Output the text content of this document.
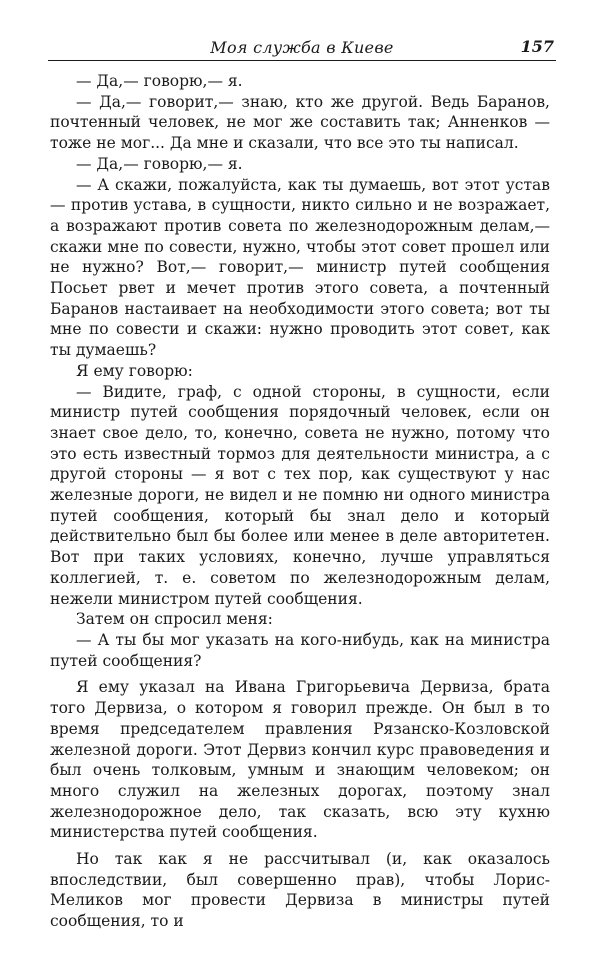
Моя служба в Киеве	157

— Да,— говорю,— я.

— Да,— говорит,— знаю, кто же другой. Ведь Баранов, почтенный человек, не мог же составить так; Анненков — тоже не мог... Да мне и сказали, что все это ты написал.

— Да,— говорю,— я.

— А скажи, пожалуйста, как ты думаешь, вот этот устав — против устава, в сущности, никто сильно и не возражает, а возражают против совета по железнодорожным делам,— скажи мне по совести, нужно, чтобы этот совет прошел или не нужно? Вот,— говорит,— министр путей сообщения Посьет рвет и мечет против этого совета, а почтенный Баранов настаивает на необходимости этого совета; вот ты мне по совести и скажи: нужно проводить этот совет, как ты думаешь?

Я ему говорю:

— Видите, граф, с одной стороны, в сущности, если министр путей сообщения порядочный человек, если он знает свое дело, то, конечно, совета не нужно, потому что это есть известный тормоз для деятельности министра, а с другой стороны — я вот с тех пор, как существуют у нас железные дороги, не видел и не помню ни одного министра путей сообщения, который бы знал дело и который действительно был бы более или менее в деле авторитетен. Вот при таких условиях, конечно, лучше управляться коллегией, т. е. советом по железнодорожным делам, нежели министром путей сообщения.

Затем он спросил меня:

— А ты бы мог указать на кого-нибудь, как на министра путей сообщения?

Я ему указал на Ивана Григорьевича Дервиза, брата того Дервиза, о котором я говорил прежде. Он был в то время председателем правления Рязанско-Козловской железной дороги. Этот Дервиз кончил курс правоведения и был очень толковым, умным и знающим человеком; он много служил на железных дорогах, поэтому знал железнодорожное дело, так сказать, всю эту кухню министерства путей сообщения.

Но так как я не рассчитывал (и, как оказалось впоследствии, был совершенно прав), чтобы Лорис-Меликов мог провести Дервиза в министры путей сообщения, то и
